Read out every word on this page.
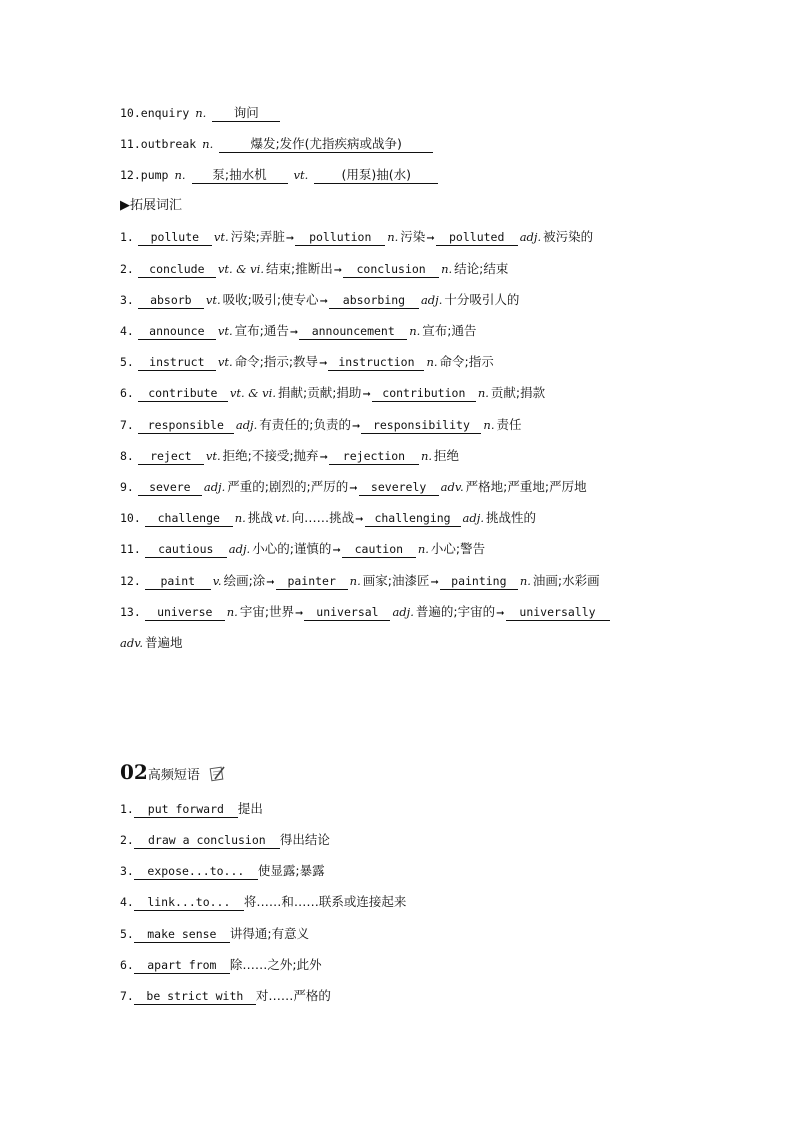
10.enquiry n. 询问
11.outbreak n.	爆发;发作(尤指疾病或战争)
12.pump n. 泵;抽水机 vt.	(用泵)抽(水)
▶拓展词汇
1. pollute vt. 污染;弄脏➞ pollution n. 污染➞ polluted adj. 被污染的
2. conclude vt. & vi. 结束;推断出➞ conclusion n. 结论;结束
3. absorb vt. 吸收;吸引;使专心➞ absorbing adj. 十分吸引人的
4. announce vt. 宣布;通告➞ announcement n. 宣布;通告
5. instruct vt. 命令;指示;教导➞ instruction n. 命令;指示
6. contribute vt. & vi. 捐献;贡献;捐助➞ contribution n. 贡献;捐款
7. responsible adj. 有责任的;负责的➞ responsibility n. 责任
8. reject vt. 拒绝;不接受;抛弃➞ rejection n. 拒绝
9. severe adj. 严重的;剧烈的;严厉的➞ severely adv. 严格地;严重地;严厉地
10. challenge n. 挑战 vt. 向……挑战➞ challenging adj. 挑战性的
11. cautious adj. 小心的;谨慎的➞ caution n. 小心;警告
12. paint v. 绘画;涂➞ painter n. 画家;油漆匠➞ painting n. 油画;水彩画
13. universe n. 宇宙;世界➞ universal adj. 普遍的;宇宙的➞ universally
adv. 普遍地
02高频短语
1. put forward 提出
2. draw a conclusion 得出结论
3. expose...to... 使显露;暴露
4. link...to... 将……和……联系或连接起来
5. make sense 讲得通;有意义
6. apart from 除……之外;此外
7. be strict with 对……严格的
